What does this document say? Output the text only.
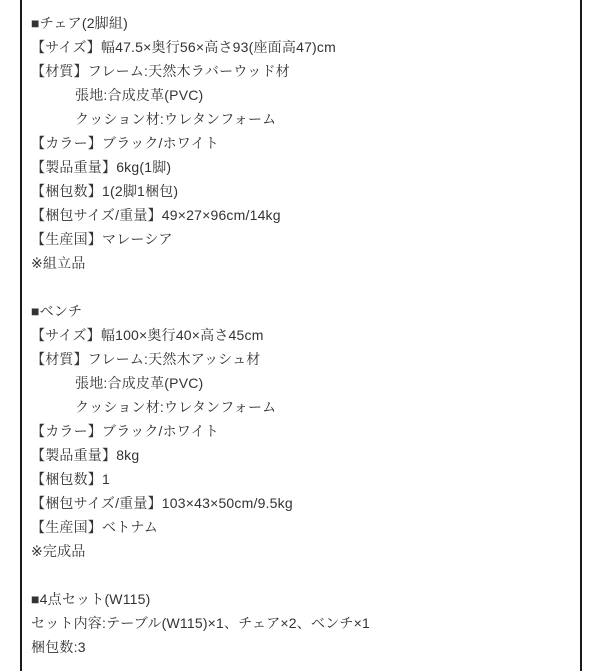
■チェア(2脚組)
【サイズ】幅47.5×奥行56×高さ93(座面高47)cm
【材質】フレーム:天然木ラバーウッド材
張地:合成皮革(PVC)
クッション材:ウレタンフォーム
【カラー】ブラック/ホワイト
【製品重量】6kg(1脚)
【梱包数】1(2脚1梱包)
【梱包サイズ/重量】49×27×96cm/14kg
【生産国】マレーシア
※組立品
■ベンチ
【サイズ】幅100×奥行40×高さ45cm
【材質】フレーム:天然木アッシュ材
張地:合成皮革(PVC)
クッション材:ウレタンフォーム
【カラー】ブラック/ホワイト
【製品重量】8kg
【梱包数】1
【梱包サイズ/重量】103×43×50cm/9.5kg
【生産国】ベトナム
※完成品
■4点セット(W115)
セット内容:テーブル(W115)×1、チェア×2、ベンチ×1
梱包数:3
